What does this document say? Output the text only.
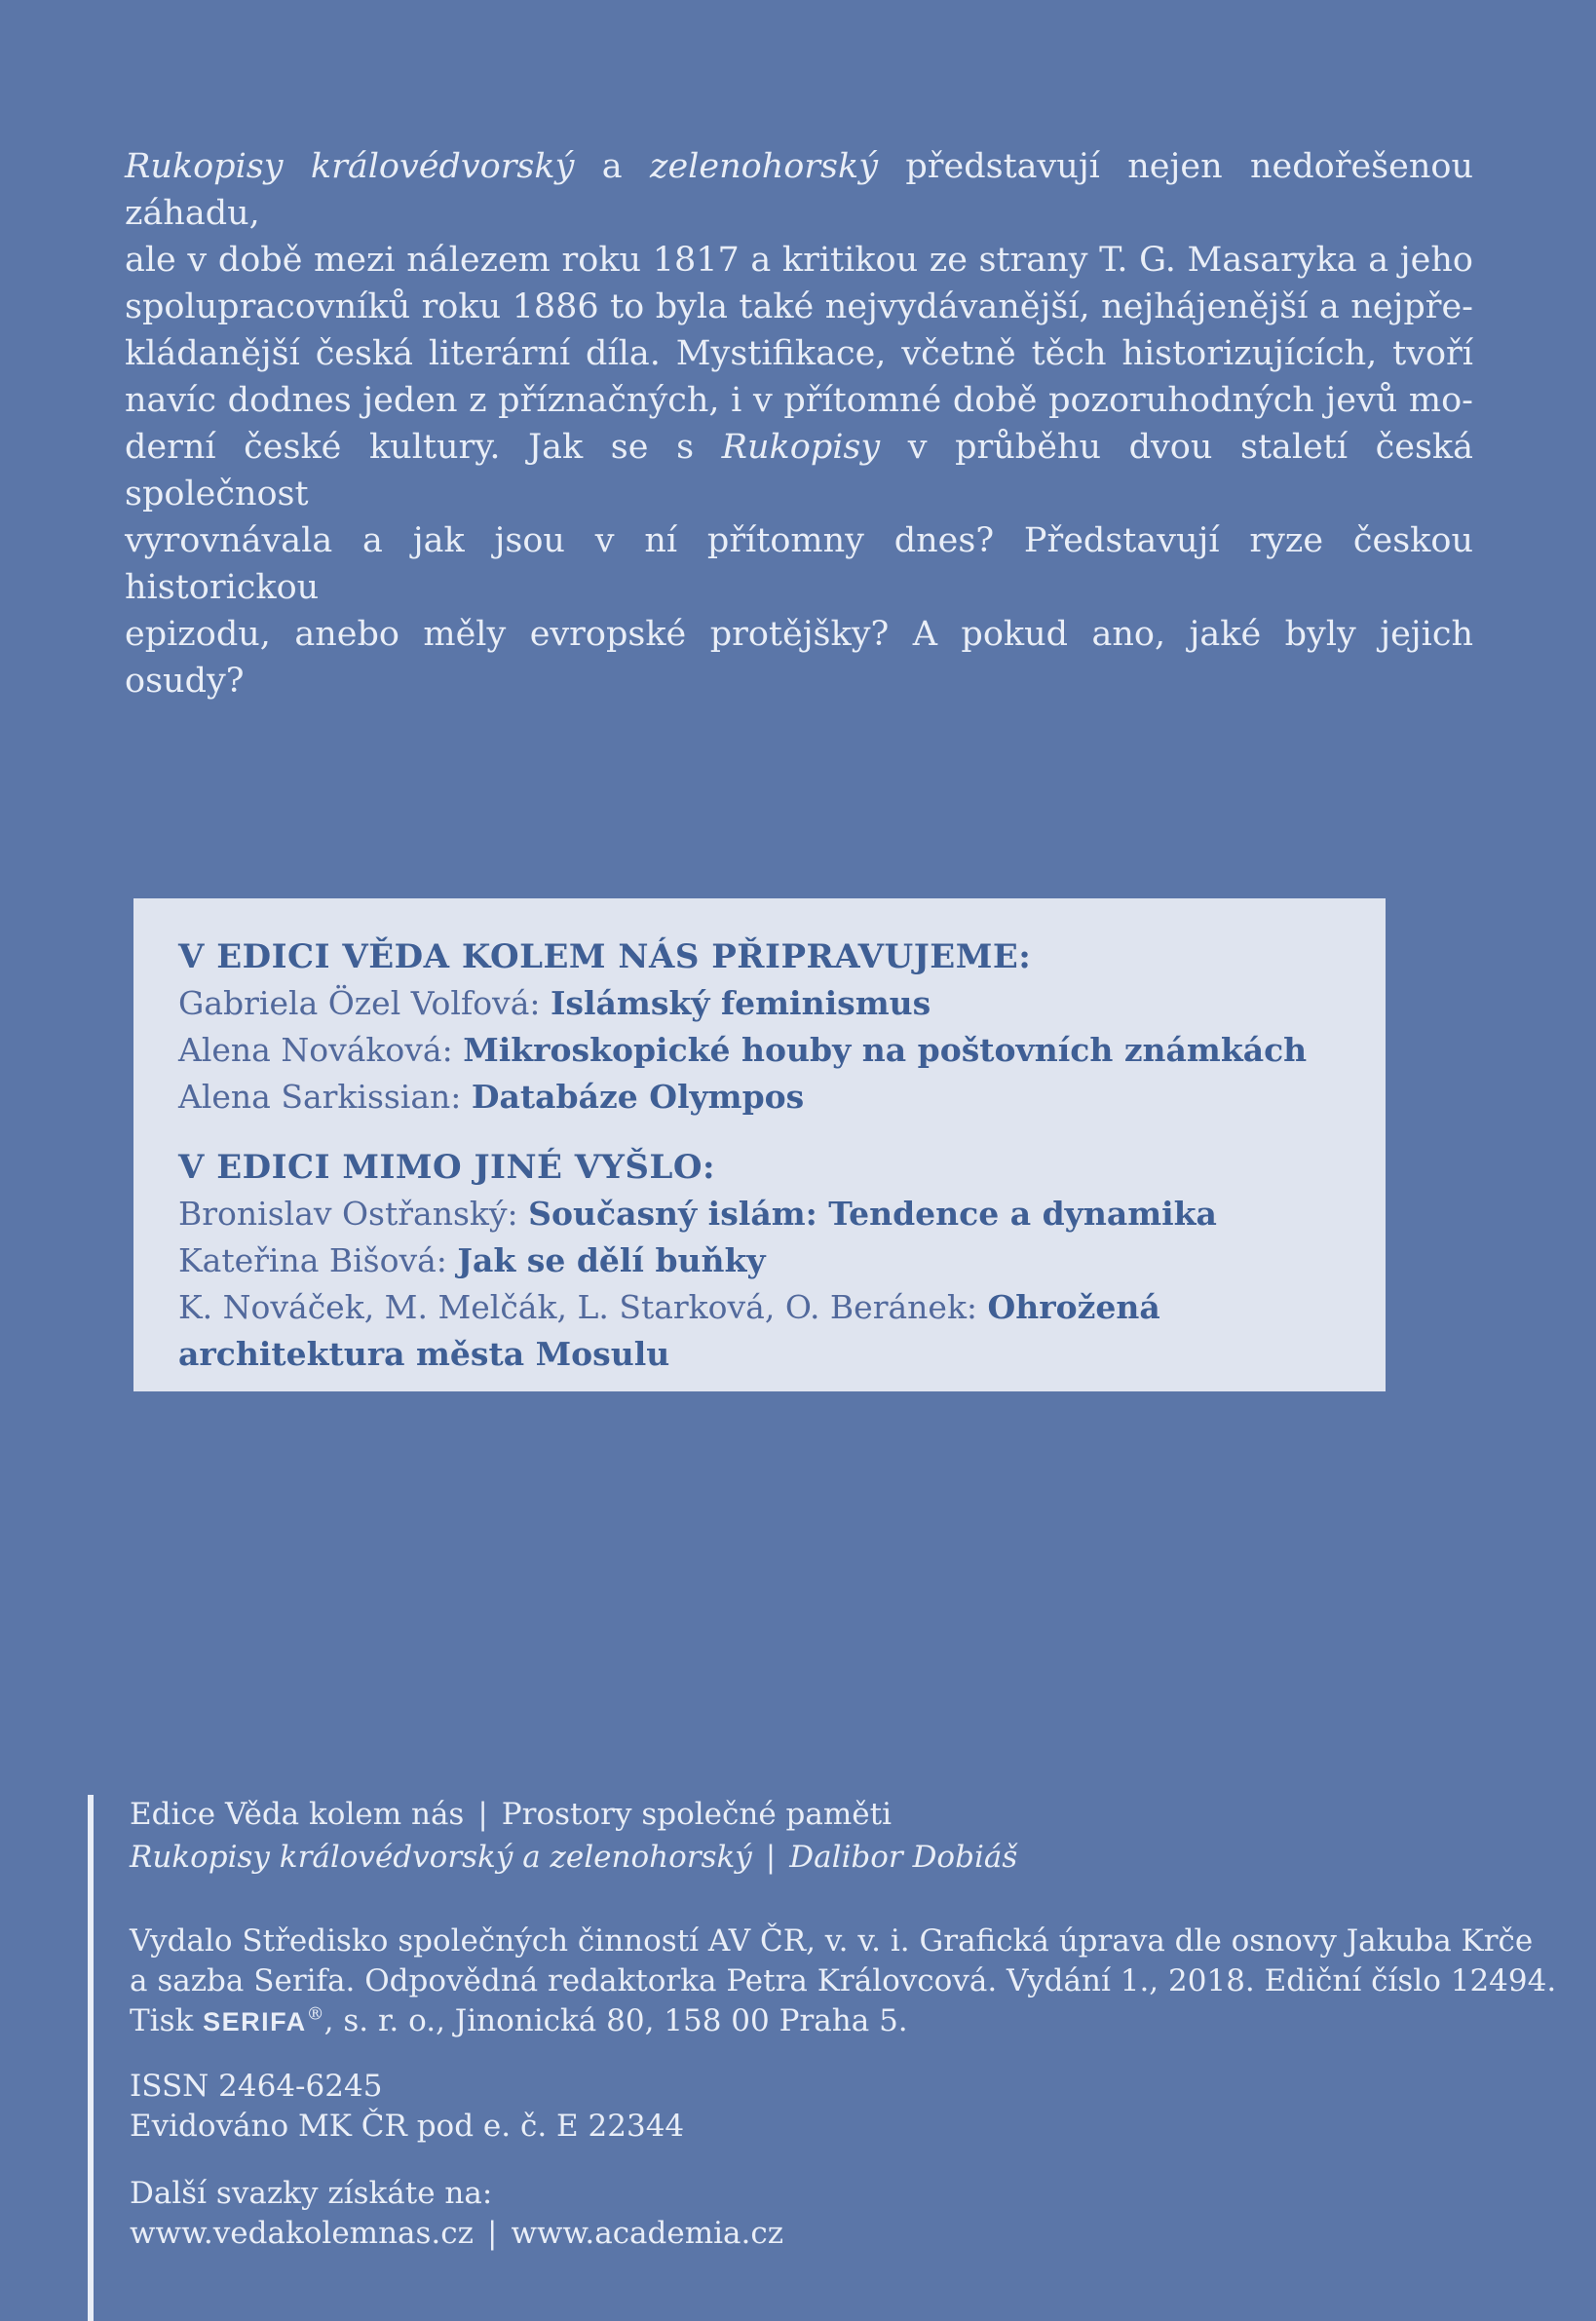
Rukopisy královédvorský a zelenohorský představují nejen nedořešenou záhadu,
ale v době mezi nálezem roku 1817 a kritikou ze strany T. G. Masaryka a jeho
spolupracovníků roku 1886 to byla také nejvydávanější, nejhájenější a nejpře-
kládanější česká literární díla. Mystifikace, včetně těch historizujících, tvoří
navíc dodnes jeden z příznačných, i v přítomné době pozoruhodných jevů mo-
derní české kultury. Jak se s Rukopisy v průběhu dvou staletí česká společnost
vyrovnávala a jak jsou v ní přítomny dnes? Představují ryze českou historickou
epizodu, anebo měly evropské protějšky? A pokud ano, jaké byly jejich osudy?

V EDICI VĚDA KOLEM NÁS PŘIPRAVUJEME:

Gabriela Özel Volfová: Islámský feminismus

Alena Nováková: Mikroskopické houby na poštovních známkách

Alena Sarkissian: Databáze Olympos

V EDICI MIMO JINÉ VYŠLO:

Bronislav Ostřanský: Současný islám: Tendence a dynamika

Kateřina Bišová: Jak se dělí buňky

K. Nováček, M. Melčák, L. Starková, O. Beránek: Ohrožená architektura města Mosulu

Edice Věda kolem nás | Prostory společné paměti
Rukopisy královédvorský a zelenohorský | Dalibor Dobiáš
Vydalo Středisko společných činností AV ČR, v. v. i. Grafická úprava dle osnovy Jakuba Krče
a sazba Serifa. Odpovědná redaktorka Petra Královcová. Vydání 1., 2018. Ediční číslo 12494.
Tisk SERIFA®, s. r. o., Jinonická 80, 158 00 Praha 5.
ISSN 2464-6245
Evidováno MK ČR pod e. č. E 22344
Další svazky získáte na:
www.vedakolemnas.cz | www.academia.cz
